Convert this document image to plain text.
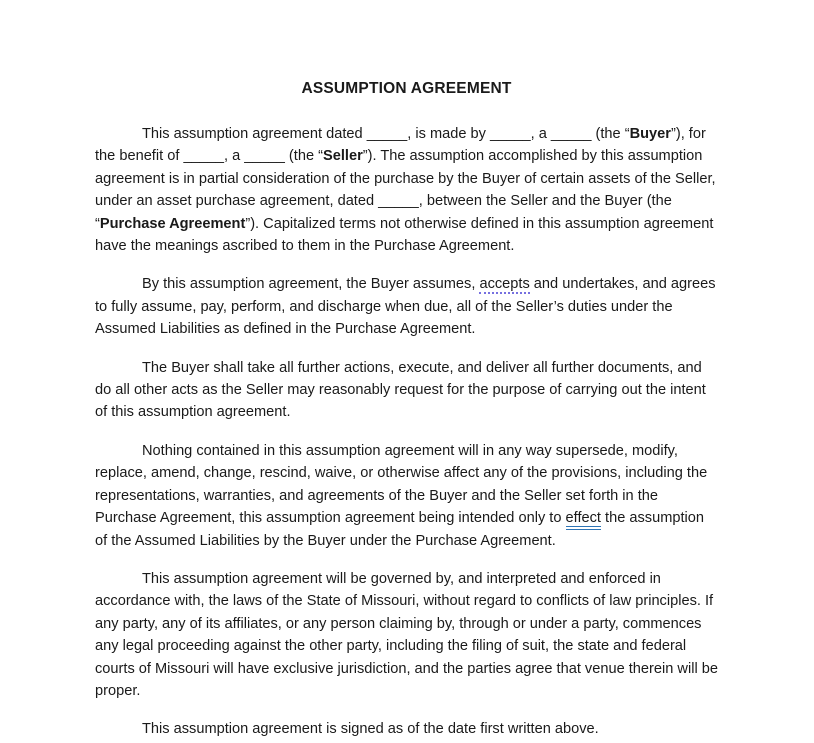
ASSUMPTION AGREEMENT

This assumption agreement dated _____, is made by _____, a _____ (the “Buyer”), for the benefit of _____, a _____ (the “Seller”). The assumption accomplished by this assumption agreement is in partial consideration of the purchase by the Buyer of certain assets of the Seller, under an asset purchase agreement, dated _____, between the Seller and the Buyer (the “Purchase Agreement”). Capitalized terms not otherwise defined in this assumption agreement have the meanings ascribed to them in the Purchase Agreement.

By this assumption agreement, the Buyer assumes, accepts and undertakes, and agrees to fully assume, pay, perform, and discharge when due, all of the Seller’s duties under the Assumed Liabilities as defined in the Purchase Agreement.

The Buyer shall take all further actions, execute, and deliver all further documents, and do all other acts as the Seller may reasonably request for the purpose of carrying out the intent of this assumption agreement.

Nothing contained in this assumption agreement will in any way supersede, modify, replace, amend, change, rescind, waive, or otherwise affect any of the provisions, including the representations, warranties, and agreements of the Buyer and the Seller set forth in the Purchase Agreement, this assumption agreement being intended only to effect the assumption of the Assumed Liabilities by the Buyer under the Purchase Agreement.

This assumption agreement will be governed by, and interpreted and enforced in accordance with, the laws of the State of Missouri, without regard to conflicts of law principles. If any party, any of its affiliates, or any person claiming by, through or under a party, commences any legal proceeding against the other party, including the filing of suit, the state and federal courts of Missouri will have exclusive jurisdiction, and the parties agree that venue therein will be proper.

This assumption agreement is signed as of the date first written above.
